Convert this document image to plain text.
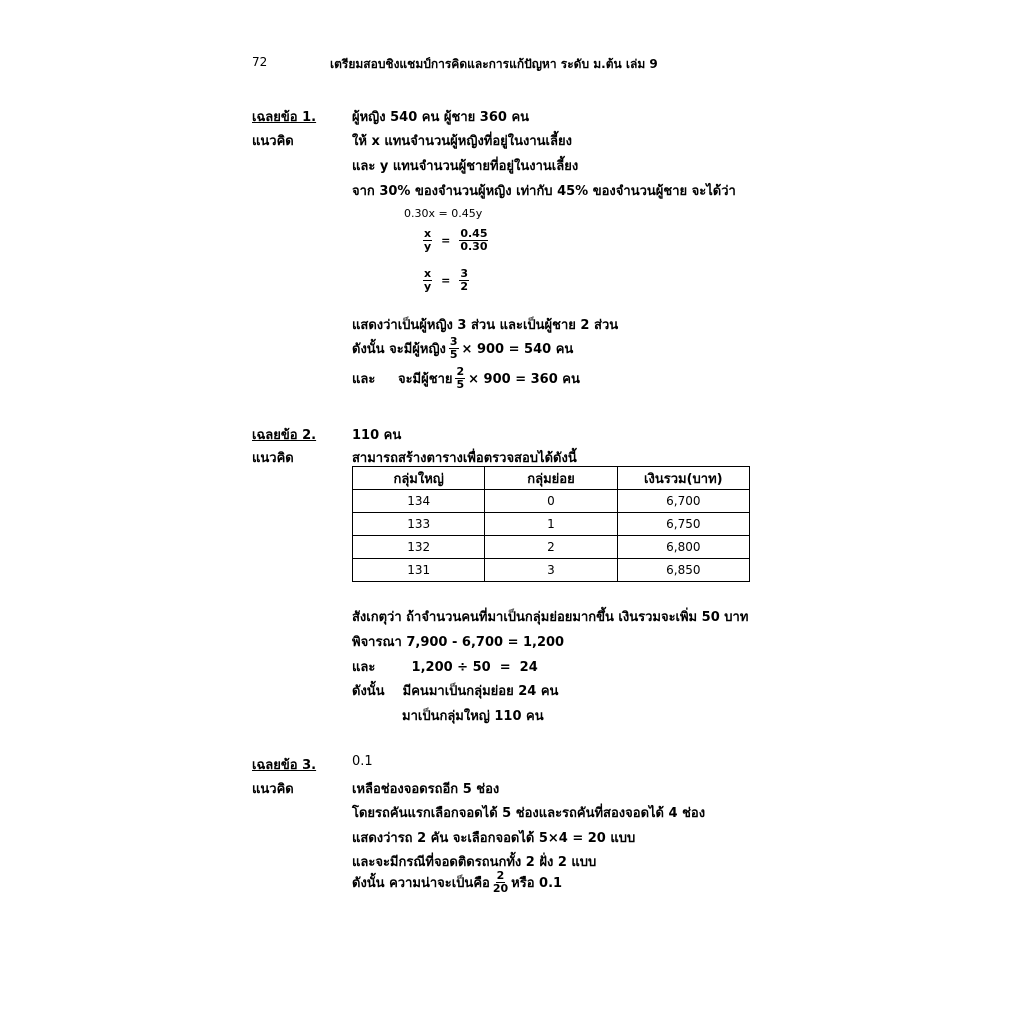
72	เตรียมสอบชิงแชมป์การคิดและการแก้ปัญหา ระดับ ม.ต้น เล่ม 9
เฉลยข้อ 1.	ผู้หญิง 540 คน ผู้ชาย 360 คน
แนวคิด	ให้ x แทนจำนวนผู้หญิงที่อยู่ในงานเลี้ยง
และ y แทนจำนวนผู้ชายที่อยู่ในงานเลี้ยง
จาก 30% ของจำนวนผู้หญิง เท่ากับ 45% ของจำนวนผู้ชาย จะได้ว่า
0.30x = 0.45y
$\frac{x}{y} = \frac{0.45}{0.30}$
$\frac{x}{y} = \frac{3}{2}$
แสดงว่าเป็นผู้หญิง 3 ส่วน และเป็นผู้ชาย 2 ส่วน
ดังนั้น จะมีผู้หญิง $\frac{3}{5} \times 900 = 540$ คน
และ     จะมีผู้ชาย $\frac{2}{5} \times 900 = 360$ คน
เฉลยข้อ 2.	110 คน
แนวคิด	สามารถสร้างตารางเพื่อตรวจสอบได้ดังนี้
กลุ่มใหญ่	กลุ่มย่อย	เงินรวม(บาท)
134	0	6,700
133	1	6,750
132	2	6,800
131	3	6,850
สังเกตุว่า ถ้าจำนวนคนที่มาเป็นกลุ่มย่อยมากขึ้น เงินรวมจะเพิ่ม 50 บาท
พิจารณา 7,900 - 6,700 = 1,200
และ        1,200 ÷ 50  =  24
ดังนั้น    มีคนมาเป็นกลุ่มย่อย 24 คน
มาเป็นกลุ่มใหญ่ 110 คน
เฉลยข้อ 3.	0.1
แนวคิด	เหลือช่องจอดรถอีก 5 ช่อง
โดยรถคันแรกเลือกจอดได้ 5 ช่องและรถคันที่สองจอดได้ 4 ช่อง
แสดงว่ารถ 2 คัน จะเลือกจอดได้ 5×4 = 20 แบบ
และจะมีกรณีที่จอดติดรถนกทั้ง 2 ฝั่ง 2 แบบ
ดังนั้น ความน่าจะเป็นคือ $\frac{2}{20}$ หรือ 0.1
